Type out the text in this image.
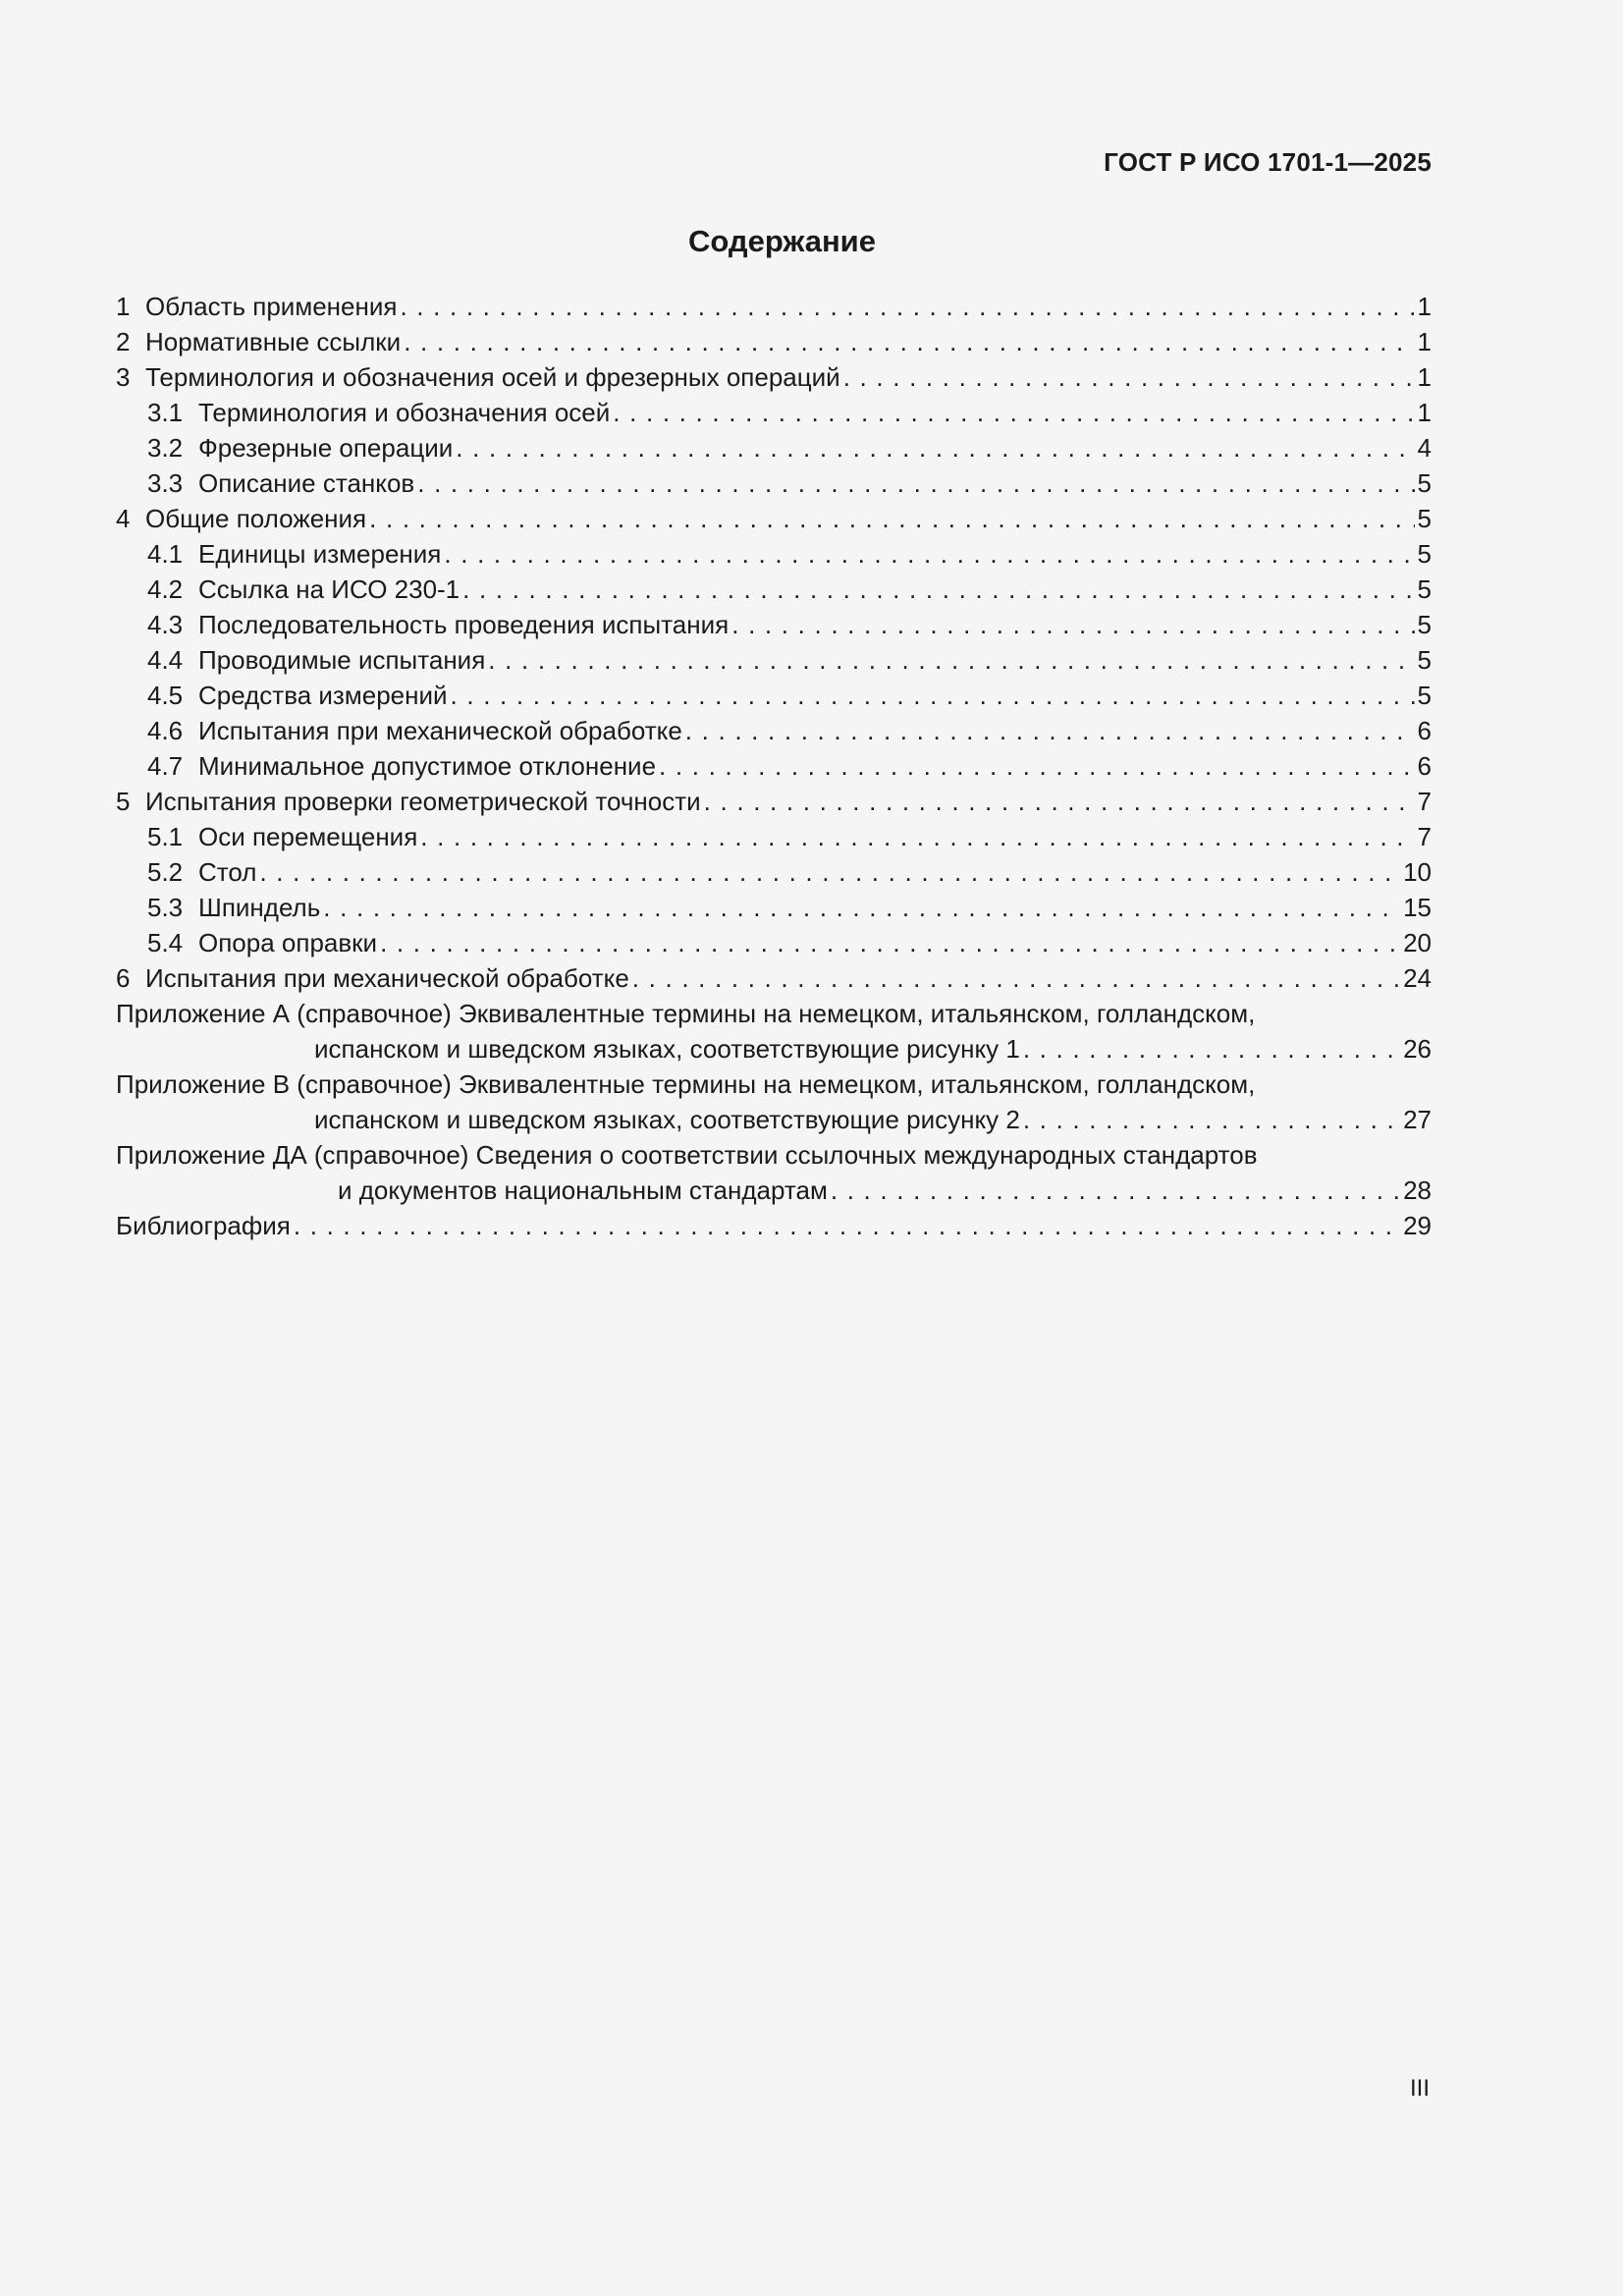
ГОСТ Р ИСО 1701-1—2025
Содержание
1 Область применения . . .	1
2 Нормативные ссылки . . .	1
3 Терминология и обозначения осей и фрезерных операций . . .	1
3.1 Терминология и обозначения осей . . .	1
3.2 Фрезерные операции . . .	4
3.3 Описание станков . . .	5
4 Общие положения . . .	5
4.1 Единицы измерения . . .	5
4.2 Ссылка на ИСО 230-1 . . .	5
4.3 Последовательность проведения испытания . . .	5
4.4 Проводимые испытания . . .	5
4.5 Средства измерений . . .	5
4.6 Испытания при механической обработке . . .	6
4.7 Минимальное допустимое отклонение . . .	6
5 Испытания проверки геометрической точности . . .	7
5.1 Оси перемещения . . .	7
5.2 Стол . . .	10
5.3 Шпиндель . . .	15
5.4 Опора оправки . . .	20
6 Испытания при механической обработке . . .	24
Приложение А (справочное) Эквивалентные термины на немецком, итальянском, голландском,
испанском и шведском языках, соответствующие рисунку 1 . . .	26
Приложение В (справочное) Эквивалентные термины на немецком, итальянском, голландском,
испанском и шведском языках, соответствующие рисунку 2 . . .	27
Приложение ДА (справочное) Сведения о соответствии ссылочных международных стандартов
и документов национальным стандартам . . .	28
Библиография . . .	29
III
